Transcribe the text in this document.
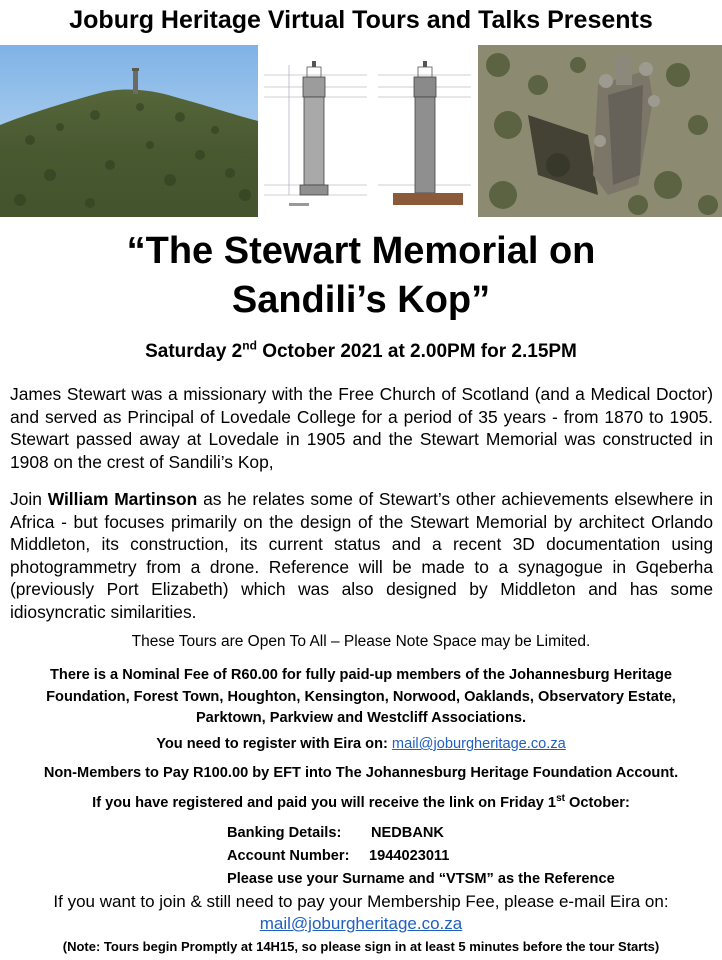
Joburg Heritage Virtual Tours and Talks Presents
“The Stewart Memorial on
Sandili’s Kop”
Saturday 2nd October 2021 at 2.00PM for 2.15PM
James Stewart was a missionary with the Free Church of Scotland (and a Medical Doctor) and served as Principal of Lovedale College for a period of 35 years - from 1870 to 1905. Stewart passed away at Lovedale in 1905 and the Stewart Memorial was constructed in 1908 on the crest of Sandili’s Kop,
Join William Martinson as he relates some of Stewart’s other achievements elsewhere in Africa - but focuses primarily on the design of the Stewart Memorial by architect Orlando Middleton, its construction, its current status and a recent 3D documentation using photogrammetry from a drone. Reference will be made to a synagogue in Gqeberha (previously Port Elizabeth) which was also designed by Middleton and has some idiosyncratic similarities.
These Tours are Open To All – Please Note Space may be Limited.
There is a Nominal Fee of R60.00 for fully paid-up members of the Johannesburg Heritage Foundation, Forest Town, Houghton, Kensington, Norwood, Oaklands, Observatory Estate, Parktown, Parkview and Westcliff Associations.
You need to register with Eira on: mail@joburgheritage.co.za
Non-Members to Pay R100.00 by EFT into The Johannesburg Heritage Foundation Account.
If you have registered and paid you will receive the link on Friday 1st October:
Banking Details: NEDBANK
Account Number: 1944023011
Please use your Surname and “VTSM” as the Reference
If you want to join & still need to pay your Membership Fee, please e-mail Eira on:
mail@joburgheritage.co.za
(Note: Tours begin Promptly at 14H15, so please sign in at least 5 minutes before the tour Starts)
